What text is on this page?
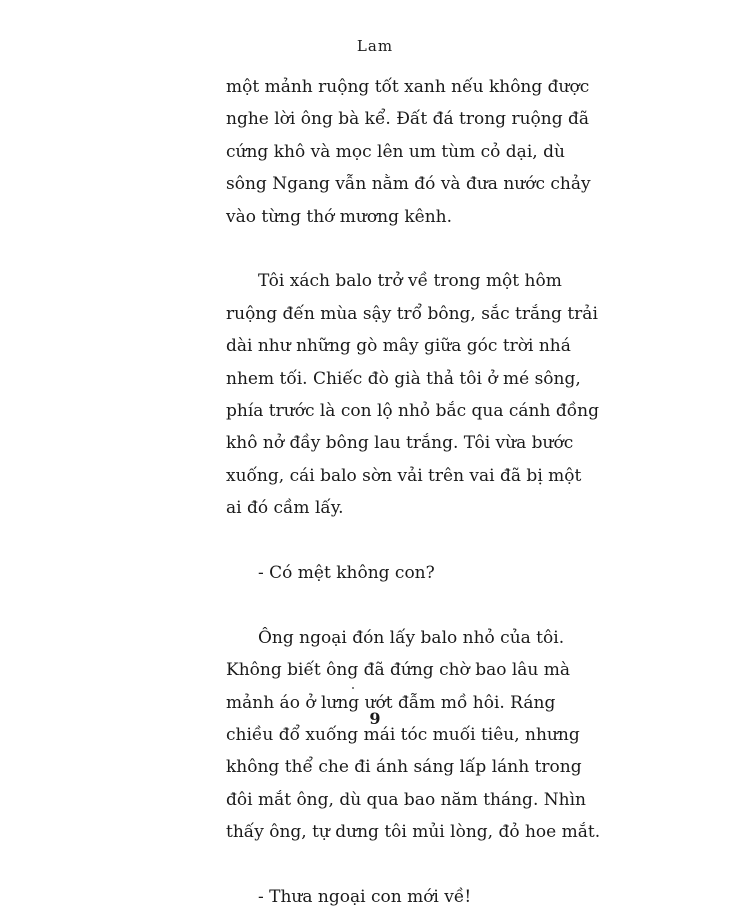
Lam

một mảnh ruộng tốt xanh nếu không được
nghe lời ông bà kể. Đất đá trong ruộng đã
cứng khô và mọc lên um tùm cỏ dại, dù
sông Ngang vẫn nằm đó và đưa nước chảy
vào từng thớ mương kênh.

Tôi xách balo trở về trong một hôm
ruộng đến mùa sậy trổ bông, sắc trắng trải
dài như những gò mây giữa góc trời nhá
nhem tối. Chiếc đò già thả tôi ở mé sông,
phía trước là con lộ nhỏ bắc qua cánh đồng
khô nở đầy bông lau trắng. Tôi vừa bước
xuống, cái balo sờn vải trên vai đã bị một
ai đó cầm lấy.

- Có mệt không con?

Ông ngoại đón lấy balo nhỏ của tôi.
Không biết ông đã đứng chờ bao lâu mà
mảnh áo ở lưng ướt đẫm mồ hôi. Ráng
chiều đổ xuống mái tóc muối tiêu, nhưng
không thể che đi ánh sáng lấp lánh trong
đôi mắt ông, dù qua bao năm tháng. Nhìn
thấy ông, tự dưng tôi mủi lòng, đỏ hoe mắt.

- Thưa ngoại con mới về!

9
